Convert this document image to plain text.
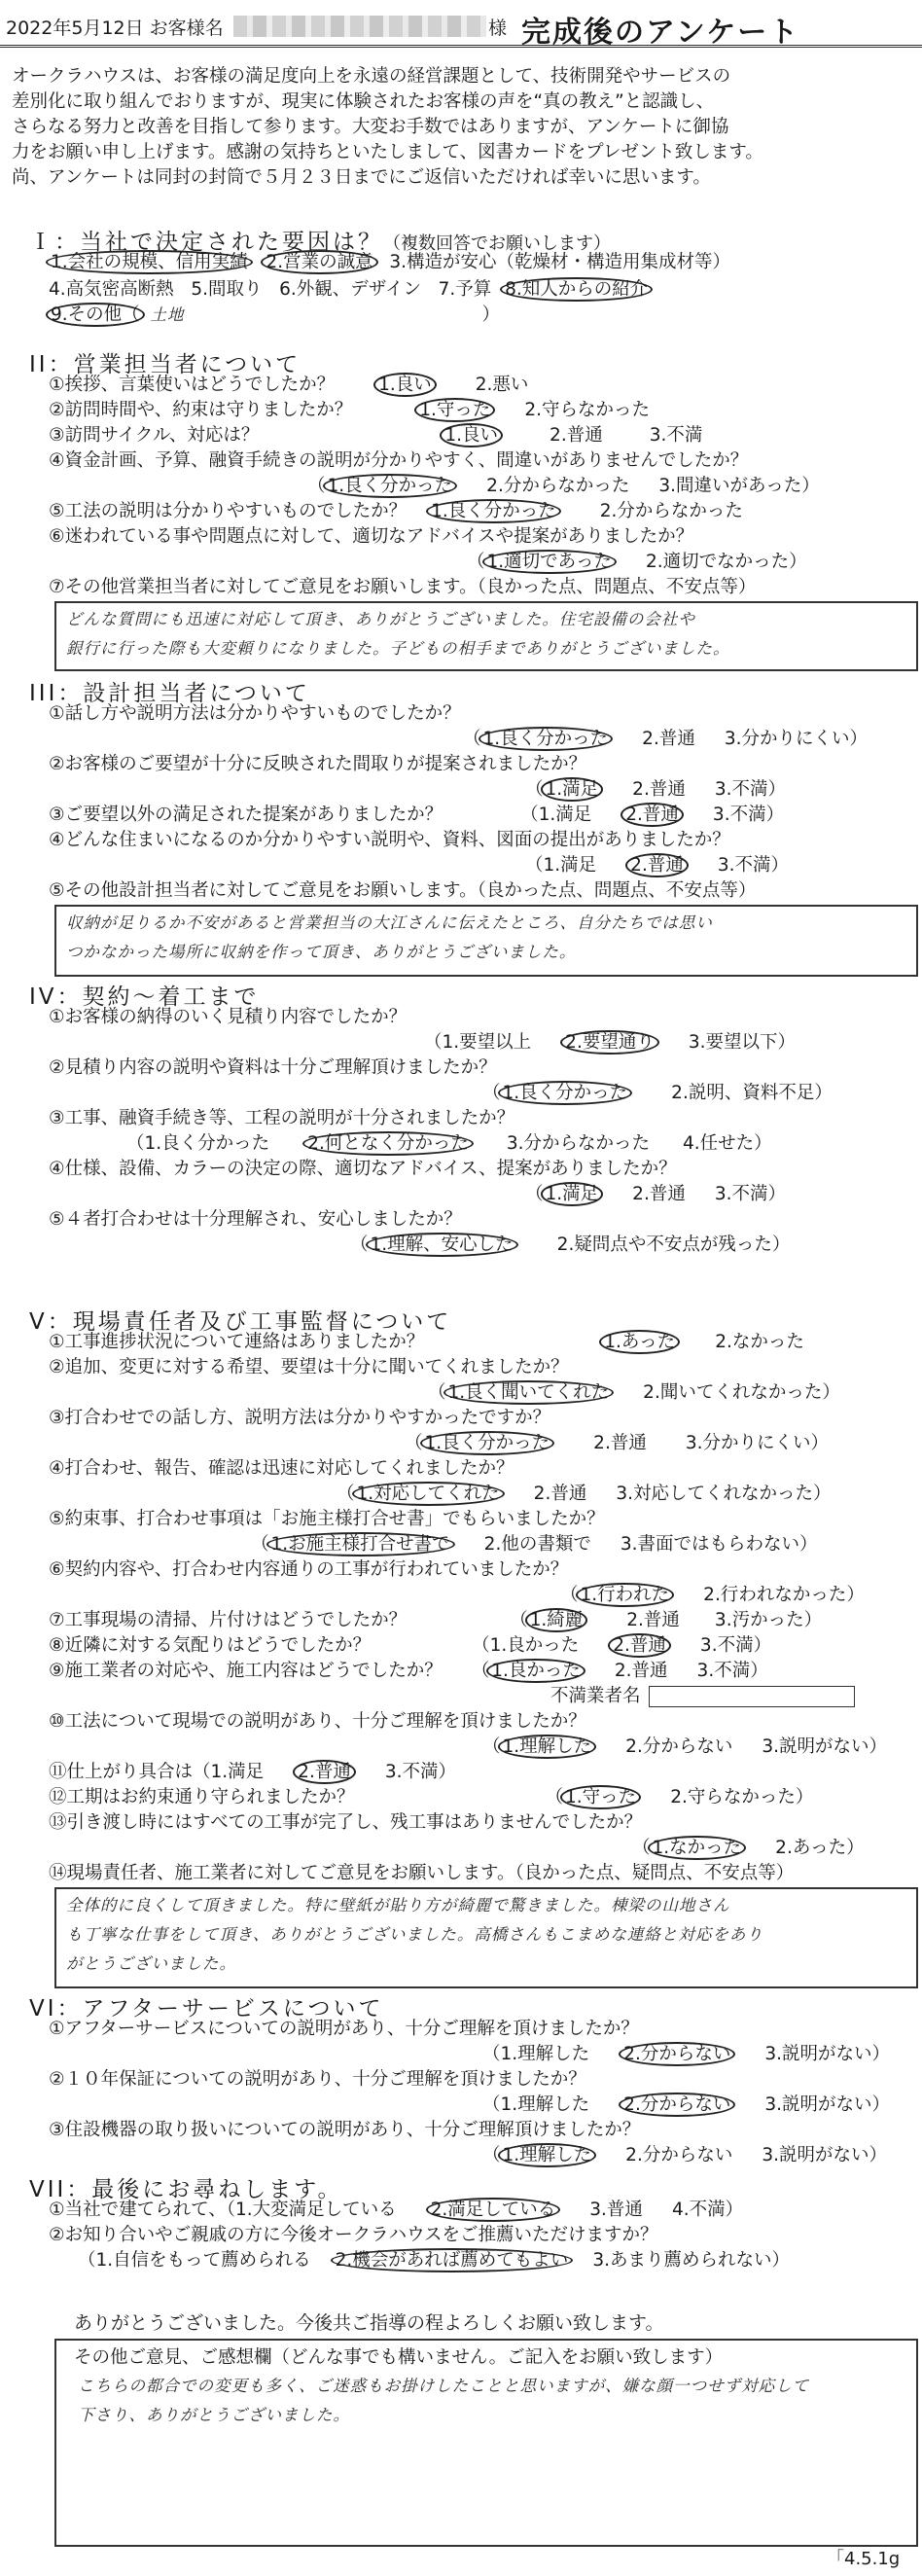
2022年5月12日 お客様名	様 完成後のアンケート
オークラハウスは、お客様の満足度向上を永遠の経営課題として、技術開発やサービスの
差別化に取り組んでおりますが、現実に体験されたお客様の声を“真の教え”と認識し、
さらなる努力と改善を目指して参ります。大変お手数ではありますが、アンケートに御協
力をお願い申し上げます。感謝の気持ちといたしまして、図書カードをプレゼント致します。
尚、アンケートは同封の封筒で５月２３日までにご返信いただければ幸いに思います。
Ｉ：当社で決定された要因は？（複数回答でお願いします）
1.会社の規模、信用実績 2.営業の誠意 3.構造が安心（乾燥材・構造用集成材等）
4.高気密高断熱 5.間取り 6.外観、デザイン 7.予算 8.知人からの紹介
9.その他（ 土地	）
II：営業担当者について
①挨拶、言葉使いはどうでしたか？ 1.良い 2.悪い
②訪問時間や、約束は守りましたか？	1.守った 2.守らなかった
③訪問サイクル、対応は？	1.良い	2.普通	3.不満
④資金計画、予算、融資手続きの説明が分かりやすく、間違いがありませんでしたか？
（ 1.良く分かった 2.分からなかった 3.間違いがあった）
⑤工法の説明は分かりやすいものでしたか？ 1.良く分かった 2.分からなかった
⑥迷われている事や問題点に対して、適切なアドバイスや提案がありましたか？
（ 1.適切であった 2.適切でなかった）
⑦その他営業担当者に対してご意見をお願いします。（良かった点、問題点、不安点等）
どんな質問にも迅速に対応して頂き、ありがとうございました。住宅設備の会社や
銀行に行った際も大変頼りになりました。子どもの相手までありがとうございました。
III：設計担当者について
①話し方や説明方法は分かりやすいものでしたか？
（ 1.良く分かった 2.普通 3.分かりにくい）
②お客様のご要望が十分に反映された間取りが提案されましたか？
（ 1.満足 2.普通 3.不満）
③ご要望以外の満足された提案がありましたか？	（1.満足 2.普通 3.不満）
④どんな住まいになるのか分かりやすい説明や、資料、図面の提出がありましたか？
（1.満足 2.普通 3.不満）
⑤その他設計担当者に対してご意見をお願いします。（良かった点、問題点、不安点等）
収納が足りるか不安があると営業担当の大江さんに伝えたところ、自分たちでは思い
つかなかった場所に収納を作って頂き、ありがとうございました。
IV：契約～着工まで
①お客様の納得のいく見積り内容でしたか？
（1.要望以上 2.要望通り 3.要望以下）
②見積り内容の説明や資料は十分ご理解頂けましたか？
（ 1.良く分かった 2.説明、資料不足）
③工事、融資手続き等、工程の説明が十分されましたか？
（1.良く分かった 2.何となく分かった 3.分からなかった 4.任せた）
④仕様、設備、カラーの決定の際、適切なアドバイス、提案がありましたか？
（ 1.満足 2.普通 3.不満）
⑤４者打合わせは十分理解され、安心しましたか？
（ 1.理解、安心した 2.疑問点や不安点が残った）
V：現場責任者及び工事監督について
①工事進捗状況について連絡はありましたか？	1.あった 2.なかった
②追加、変更に対する希望、要望は十分に聞いてくれましたか？
（ 1.良く聞いてくれた 2.聞いてくれなかった）
③打合わせでの話し方、説明方法は分かりやすかったですか？
（ 1.良く分かった 2.普通 3.分かりにくい）
④打合わせ、報告、確認は迅速に対応してくれましたか？
（ 1.対応してくれた 2.普通 3.対応してくれなかった）
⑤約束事、打合わせ事項は「お施主様打合せ書」でもらいましたか？
（ 1.お施主様打合せ書で 2.他の書類で 3.書面ではもらわない）
⑥契約内容や、打合わせ内容通りの工事が行われていましたか？
（ 1.行われた 2.行われなかった）
⑦工事現場の清掃、片付けはどうでしたか？	（ 1.綺麗 2.普通 3.汚かった）
⑧近隣に対する気配りはどうでしたか？	（1.良かった 2.普通 3.不満）
⑨施工業者の対応や、施工内容はどうでしたか？ （ 1.良かった 2.普通 3.不満）
不満業者名
⑩工法について現場での説明があり、十分ご理解を頂けましたか？
（ 1.理解した 2.分からない 3.説明がない）
⑪仕上がり具合は（1.満足 2.普通 3.不満）
⑫工期はお約束通り守られましたか？	（ 1.守った 2.守らなかった）
⑬引き渡し時にはすべての工事が完了し、残工事はありませんでしたか？
（ 1.なかった 2.あった）
⑭現場責任者、施工業者に対してご意見をお願いします。（良かった点、疑問点、不安点等）
全体的に良くして頂きました。特に壁紙が貼り方が綺麗で驚きました。棟梁の山地さん
も丁寧な仕事をして頂き、ありがとうございました。高橋さんもこまめな連絡と対応をあり
がとうございました。
VI：アフターサービスについて
①アフターサービスについての説明があり、十分ご理解を頂けましたか？
（1.理解した 2.分からない 3.説明がない）
②１０年保証についての説明があり、十分ご理解を頂けましたか？
（1.理解した 2.分からない 3.説明がない）
③住設機器の取り扱いについての説明があり、十分ご理解頂けましたか？
（ 1.理解した 2.分からない 3.説明がない）
VII：最後にお尋ねします。
①当社で建てられて、（1.大変満足している 2.満足している 3.普通 4.不満）
②お知り合いやご親戚の方に今後オークラハウスをご推薦いただけますか？
（1.自信をもって薦められる 2.機会があれば薦めてもよい 3.あまり薦められない）
ありがとうございました。今後共ご指導の程よろしくお願い致します。
その他ご意見、ご感想欄（どんな事でも構いません。ご記入をお願い致します）
こちらの都合での変更も多く、ご迷惑もお掛けしたことと思いますが、嫌な顔一つせず対応して
下さり、ありがとうございました。
「4.5.1g
